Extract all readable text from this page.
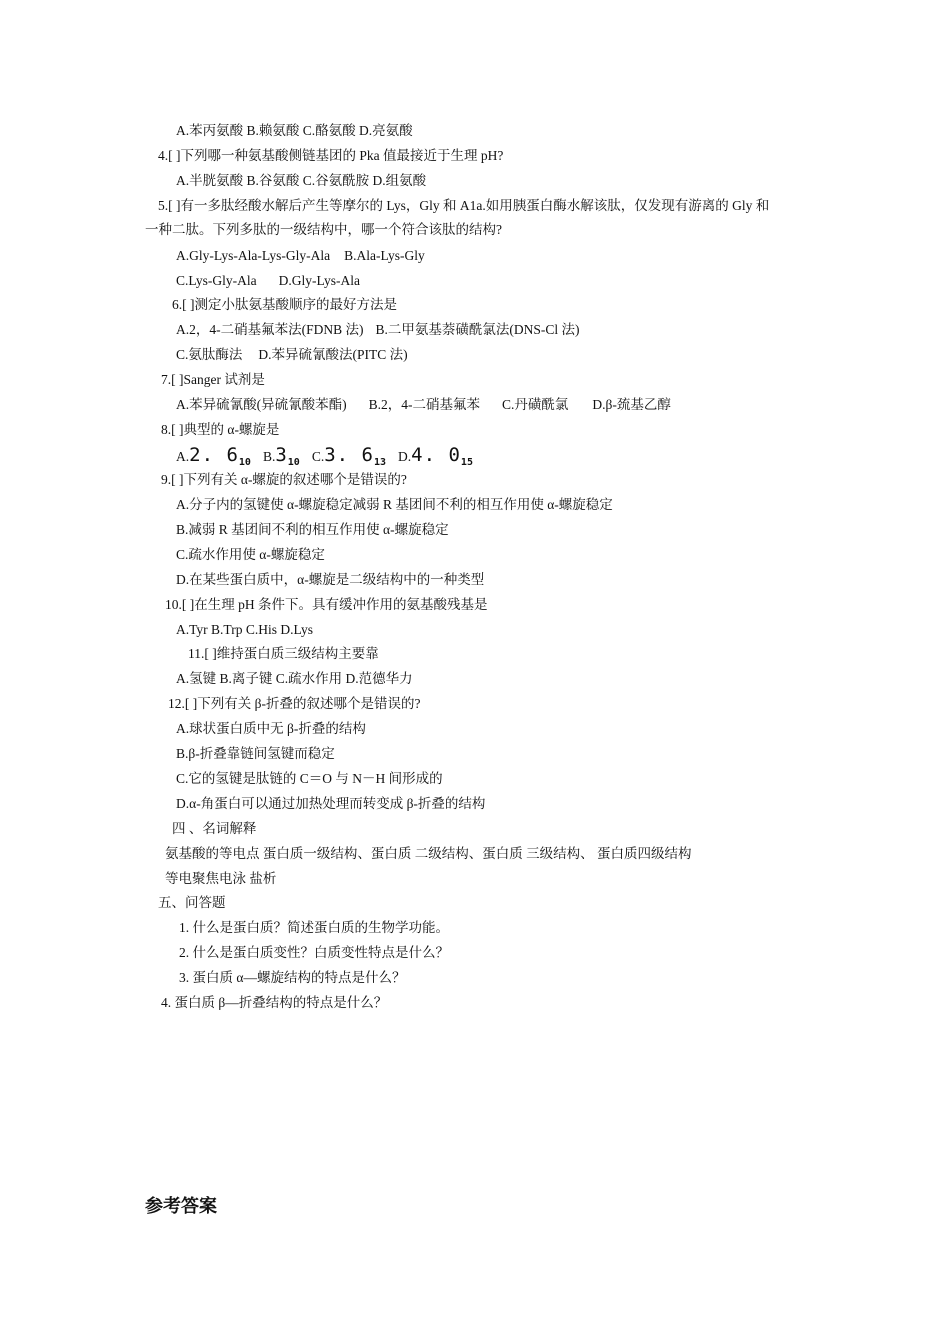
A.苯丙氨酸 B.赖氨酸 C.酪氨酸 D.亮氨酸
4.[ ]下列哪一种氨基酸侧链基团的 Pka 值最接近于生理 pH?
A.半胱氨酸 B.谷氨酸 C.谷氨酰胺 D.组氨酸
5.[ ]有一多肽经酸水解后产生等摩尔的 Lys，Gly 和 A1a.如用胰蛋白酶水解该肽，仅发现有游离的 Gly 和
一种二肽。下列多肽的一级结构中，哪一个符合该肽的结构?
A.Gly-Lys-Ala-Lys-Gly-Ala B.Ala-Lys-Gly
C.Lys-Gly-Ala D.Gly-Lys-Ala
6.[ ]测定小肽氨基酸顺序的最好方法是
A.2，4-二硝基氟苯法(FDNB 法) B.二甲氨基萘磺酰氯法(DNS-Cl 法)
C.氨肽酶法 D.苯异硫氰酸法(PITC 法)
7.[ ]Sanger 试剂是
A.苯异硫氰酸(异硫氰酸苯酯) B.2，4-二硝基氟苯 C.丹磺酰氯 D.β-巯基乙醇
8.[ ]典型的 α-螺旋是
A.2. $6_{10}$ $B.3_{10}$ C.3. $6_{13}$ D.4. $0_{15}$
9.[ ]下列有关 α-螺旋的叙述哪个是错误的?
A.分子内的氢键使 α-螺旋稳定减弱 R 基团间不利的相互作用使 α-螺旋稳定
B.减弱 R 基团间不利的相互作用使 α-螺旋稳定
C.疏水作用使 α-螺旋稳定
D.在某些蛋白质中，α-螺旋是二级结构中的一种类型
10.[ ]在生理 pH 条件下。具有缓冲作用的氨基酸残基是
A.Tyr B.Trp C.His D.Lys
11.[ ]维持蛋白质三级结构主要靠
A.氢键 B.离子键 C.疏水作用 D.范德华力
12.[ ]下列有关 β-折叠的叙述哪个是错误的?
A.球状蛋白质中无 β-折叠的结构
B.β-折叠靠链间氢键而稳定
C.它的氢键是肽链的 C＝O 与 N－H 间形成的
D.α-角蛋白可以通过加热处理而转变成 β-折叠的结构
四 、名词解释
氨基酸的等电点 蛋白质一级结构、蛋白质 二级结构、蛋白质 三级结构、 蛋白质四级结构
等电聚焦电泳 盐析
五、问答题
1. 什么是蛋白质？简述蛋白质的生物学功能。
2. 什么是蛋白质变性？白质变性特点是什么？
3. 蛋白质 α—螺旋结构的特点是什么？
4. 蛋白质 β—折叠结构的特点是什么？
参考答案
